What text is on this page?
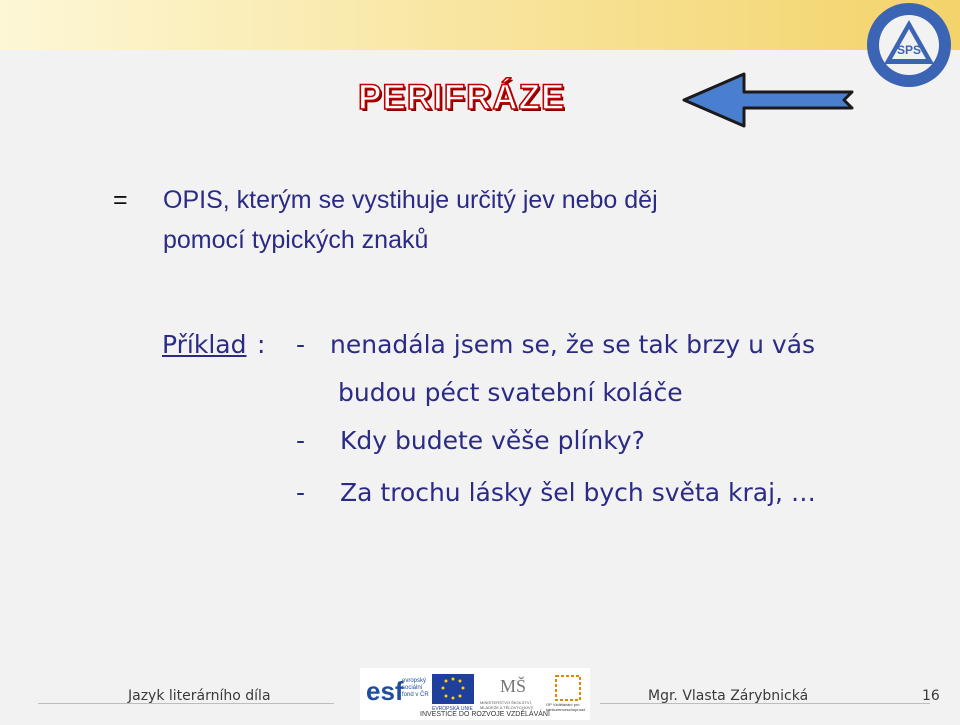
SPS
PERIFRÁZE
= OPIS, kterým se vystihuje určitý jev nebo děj
pomocí typických znaků
Příklad : - nenadála jsem se, že se tak brzy u vás
budou péct svatební koláče
- Kdy budete věše plínky?
- Za trochu lásky šel bych světa kraj, …
Jazyk literárního díla	esf	MŠ
evropský
sociální
fond v ČR
EVROPSKÁ UNIE
MINISTERSTVO ŠKOLSTVÍ, MLÁDEŽE A TĚLOVÝCHOVY
OP Vzdělávání pro konkurenceschopnost
INVESTICE DO ROZVOJE VZDĚLÁVÁNÍ
Mgr. Vlasta Zárybnická	16
